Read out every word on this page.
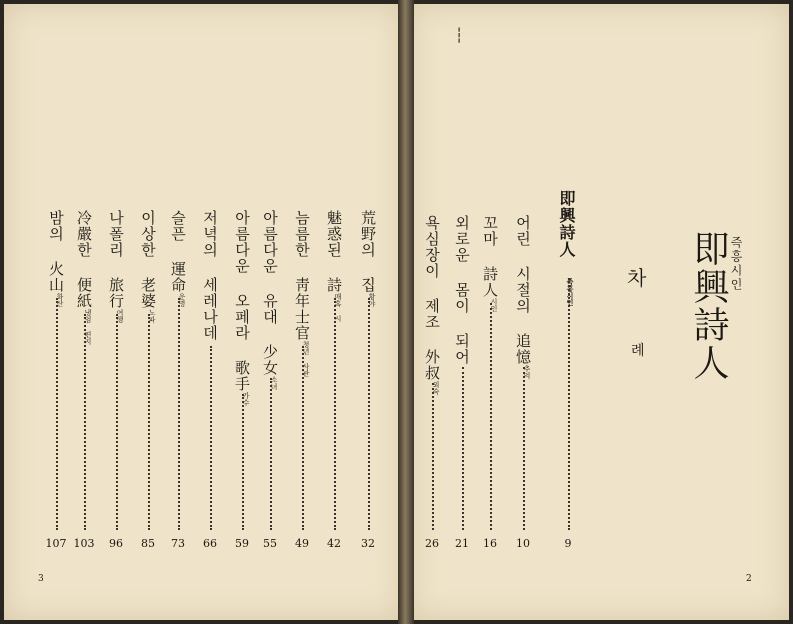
┆
即興詩人 즉흥시인
차
례
即興詩人 $^{즉흥시인}$
9
어린 시절의 追憶$^{추억}$
10
꼬마 詩人$^{시인}$
16
외로운 몸이 되어
21
욕심장이 제조 外叔$^{외숙}$
26
荒野의 집$^{황야}$
32
魅惑된 詩$^{매혹 시}$
42
늠름한 靑年士官$^{청년 사관}$
49
아름다운 유대 少女$^{소녀}$
55
아름다운 오페라 歌手$^{가수}$
59
저녁의 세레나데
66
슬픈 運命$^{운명}$
73
이상한 老婆$^{노파}$
85
나폴리 旅行$^{여행}$
96
冷嚴한 便紙$^{냉엄 편지}$
103
밤의 火山$^{화산}$
107
3	2
